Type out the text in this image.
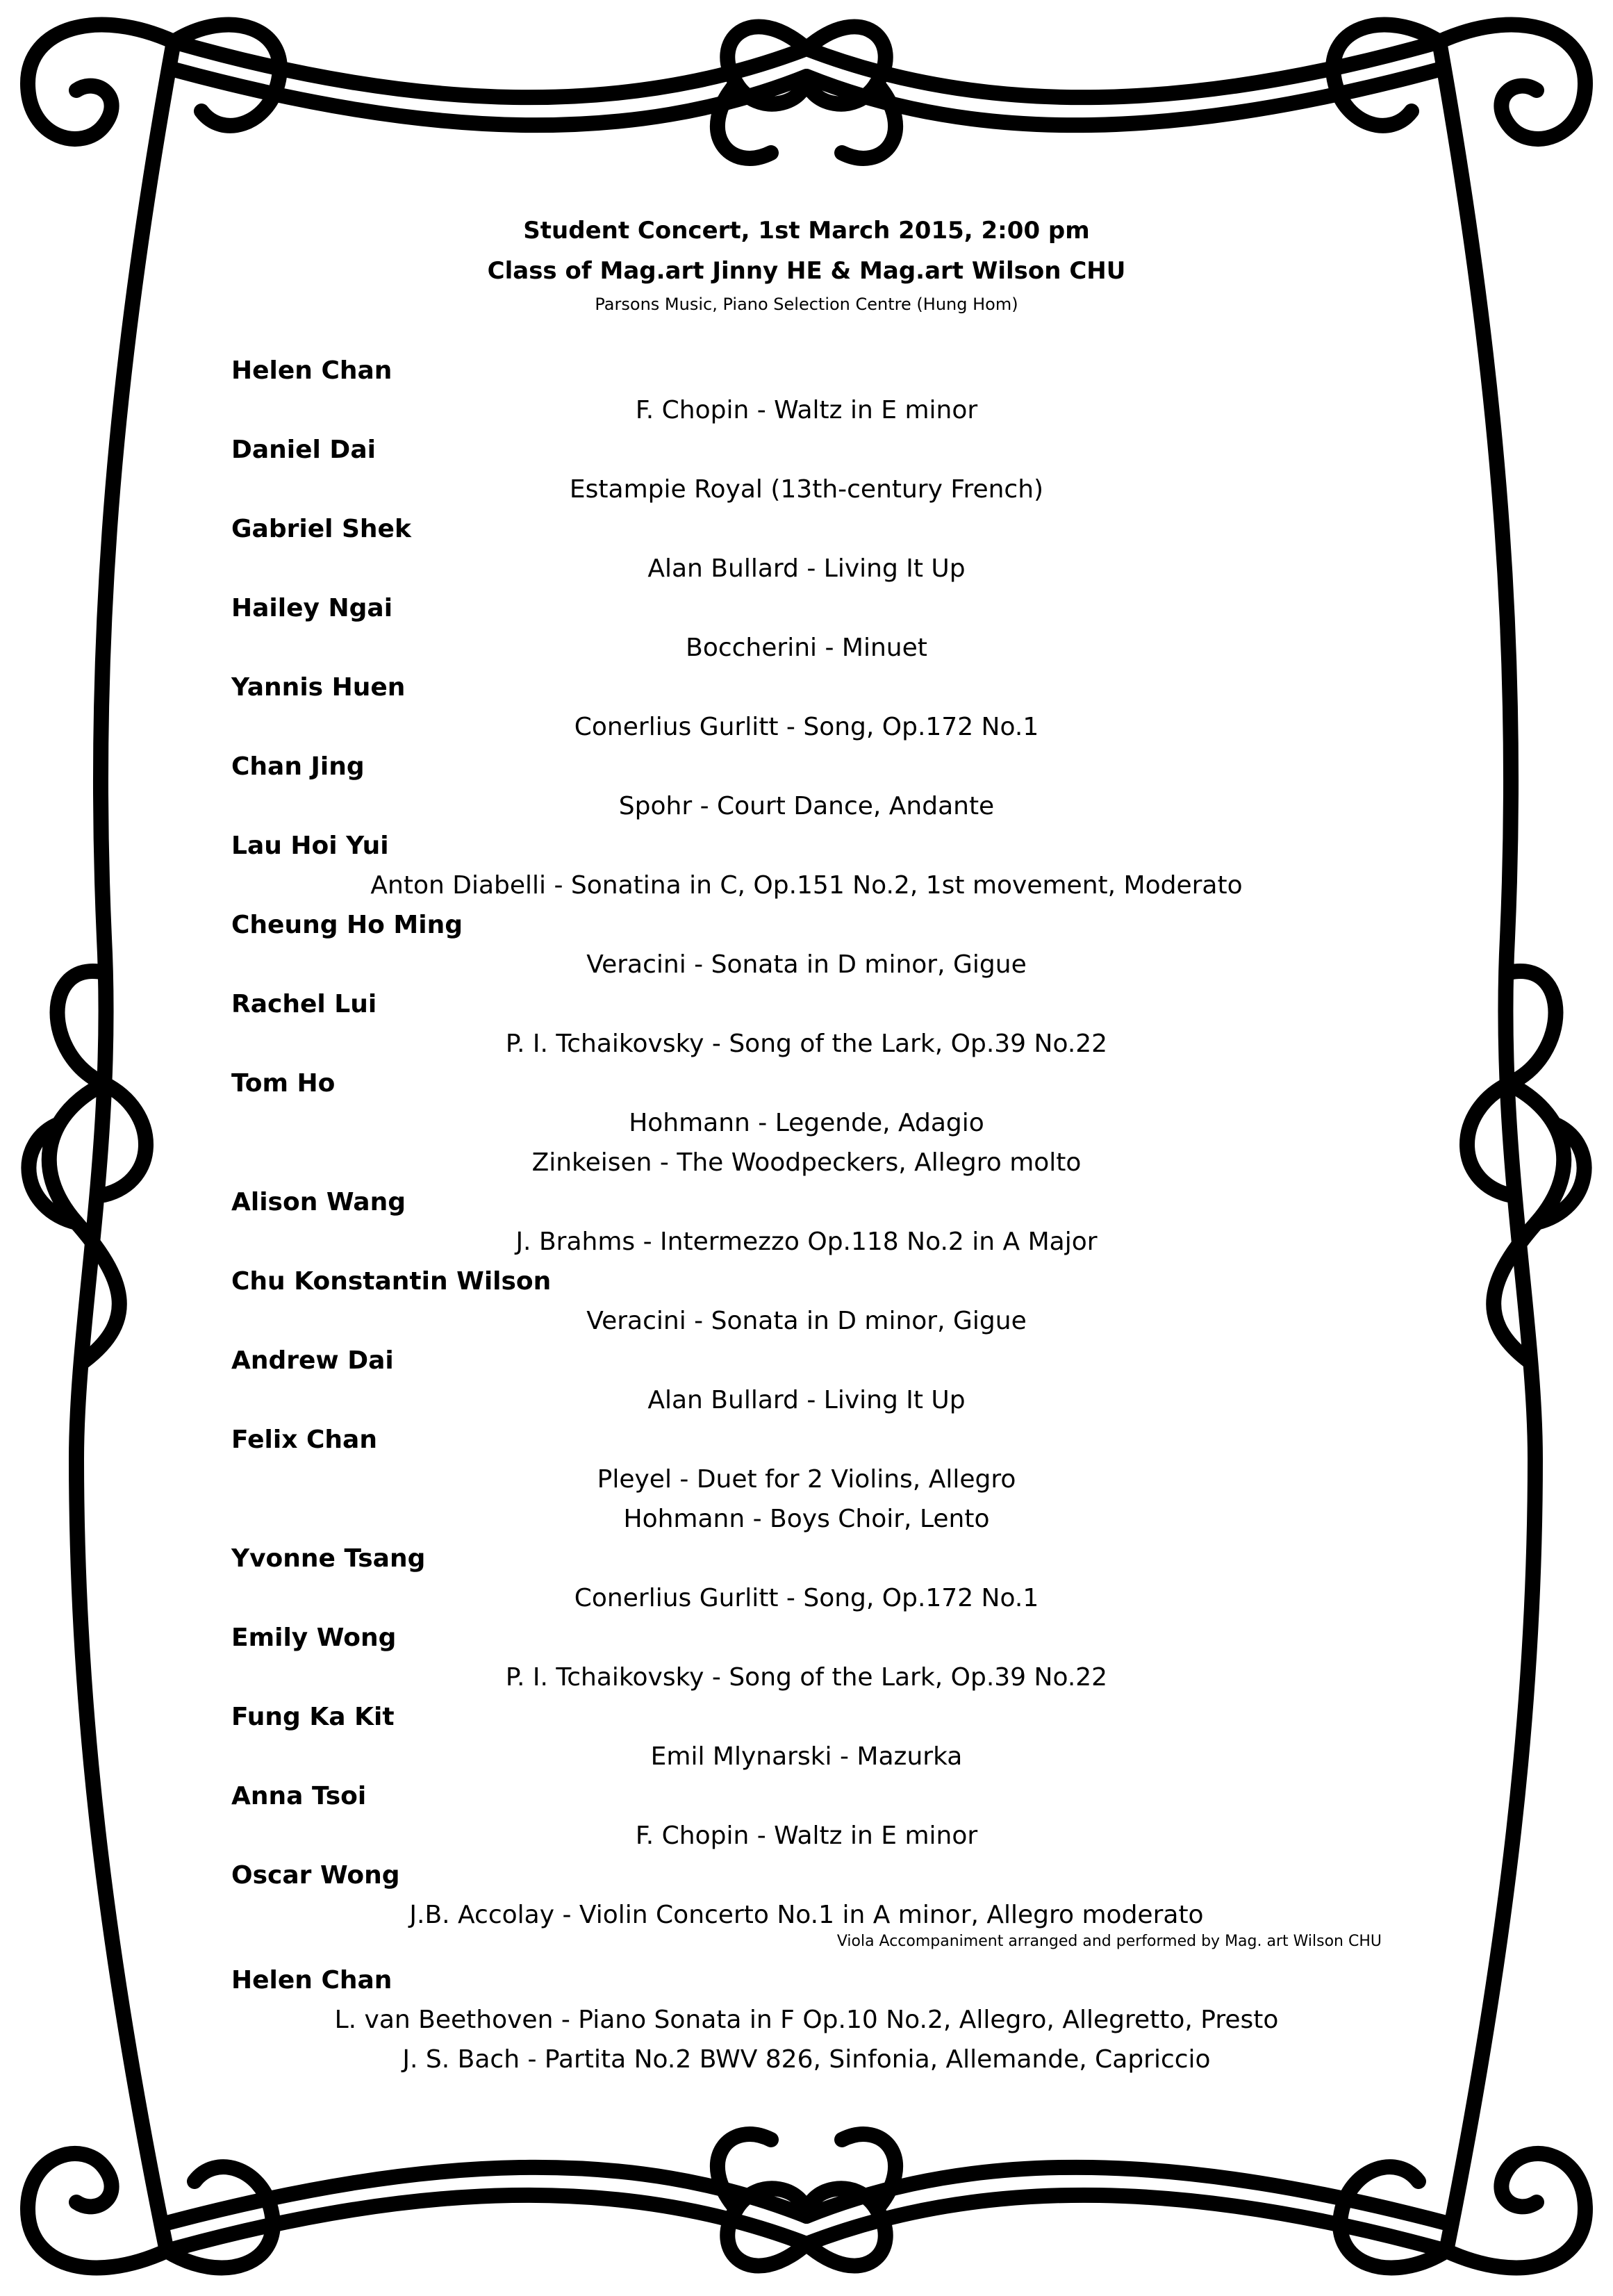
Student Concert, 1st March 2015, 2:00 pm
Class of Mag.art Jinny HE & Mag.art Wilson CHU
Parsons Music, Piano Selection Centre (Hung Hom)
Helen Chan
F. Chopin - Waltz in E minor
Daniel Dai
Estampie Royal (13th-century French)
Gabriel Shek
Alan Bullard - Living It Up
Hailey Ngai
Boccherini - Minuet
Yannis Huen
Conerlius Gurlitt - Song, Op.172 No.1
Chan Jing
Spohr - Court Dance, Andante
Lau Hoi Yui
Anton Diabelli - Sonatina in C, Op.151 No.2, 1st movement, Moderato
Cheung Ho Ming
Veracini - Sonata in D minor, Gigue
Rachel Lui
P. I. Tchaikovsky - Song of the Lark, Op.39 No.22
Tom Ho
Hohmann - Legende, Adagio
Zinkeisen - The Woodpeckers, Allegro molto
Alison Wang
J. Brahms - Intermezzo Op.118 No.2 in A Major
Chu Konstantin Wilson
Veracini - Sonata in D minor, Gigue
Andrew Dai
Alan Bullard - Living It Up
Felix Chan
Pleyel - Duet for 2 Violins, Allegro
Hohmann - Boys Choir, Lento
Yvonne Tsang
Conerlius Gurlitt - Song, Op.172 No.1
Emily Wong
P. I. Tchaikovsky - Song of the Lark, Op.39 No.22
Fung Ka Kit
Emil Mlynarski - Mazurka
Anna Tsoi
F. Chopin - Waltz in E minor
Oscar Wong
J.B. Accolay - Violin Concerto No.1 in A minor, Allegro moderato
Viola Accompaniment arranged and performed by Mag. art Wilson CHU
Helen Chan
L. van Beethoven - Piano Sonata in F Op.10 No.2, Allegro, Allegretto, Presto
J. S. Bach - Partita No.2 BWV 826, Sinfonia, Allemande, Capriccio
